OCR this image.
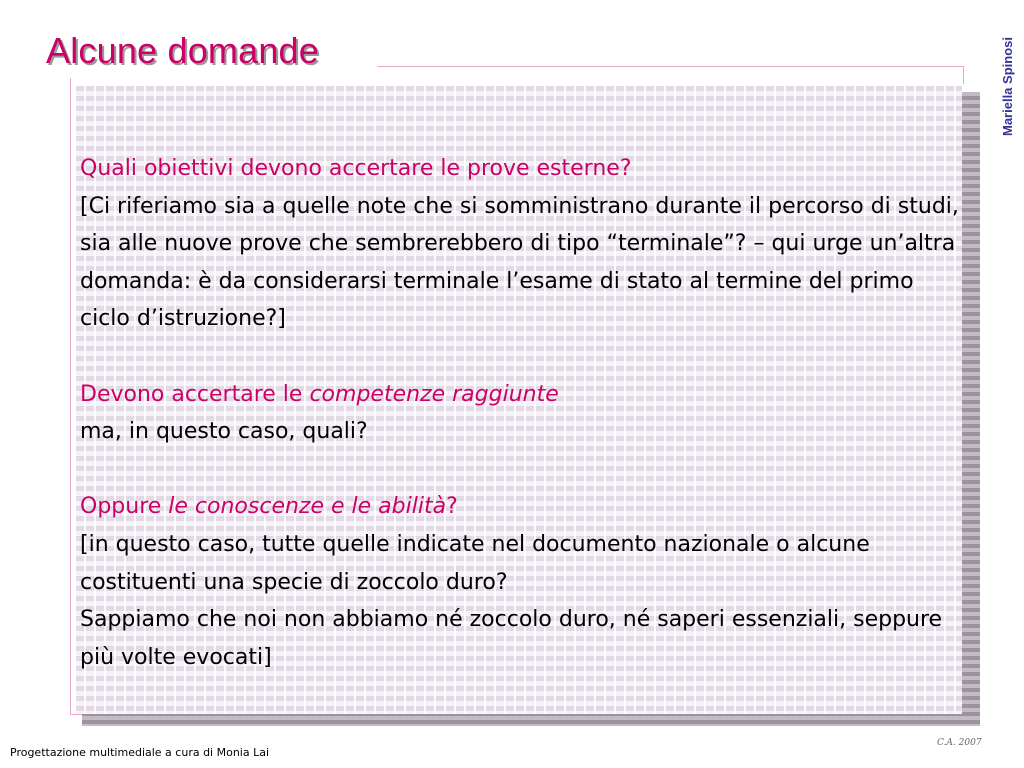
Alcune domande	Mariella Spinosi

Quali obiettivi devono accertare le prove esterne?
[Ci riferiamo sia a quelle note che si somministrano durante il percorso di studi, sia alle nuove prove che sembrerebbero di tipo “terminale”? – qui urge un’altra domanda: è da considerarsi terminale l’esame di stato al termine del primo ciclo d’istruzione?]

Devono accertare le competenze raggiunte
ma, in questo caso, quali?

Oppure le conoscenze e le abilità?
[in questo caso, tutte quelle indicate nel documento nazionale o alcune costituenti una specie di zoccolo duro?
Sappiamo che noi non abbiamo né zoccolo duro, né saperi essenziali, seppure più volte evocati]

Progettazione multimediale a cura di Monia Lai
C.A. 2007
